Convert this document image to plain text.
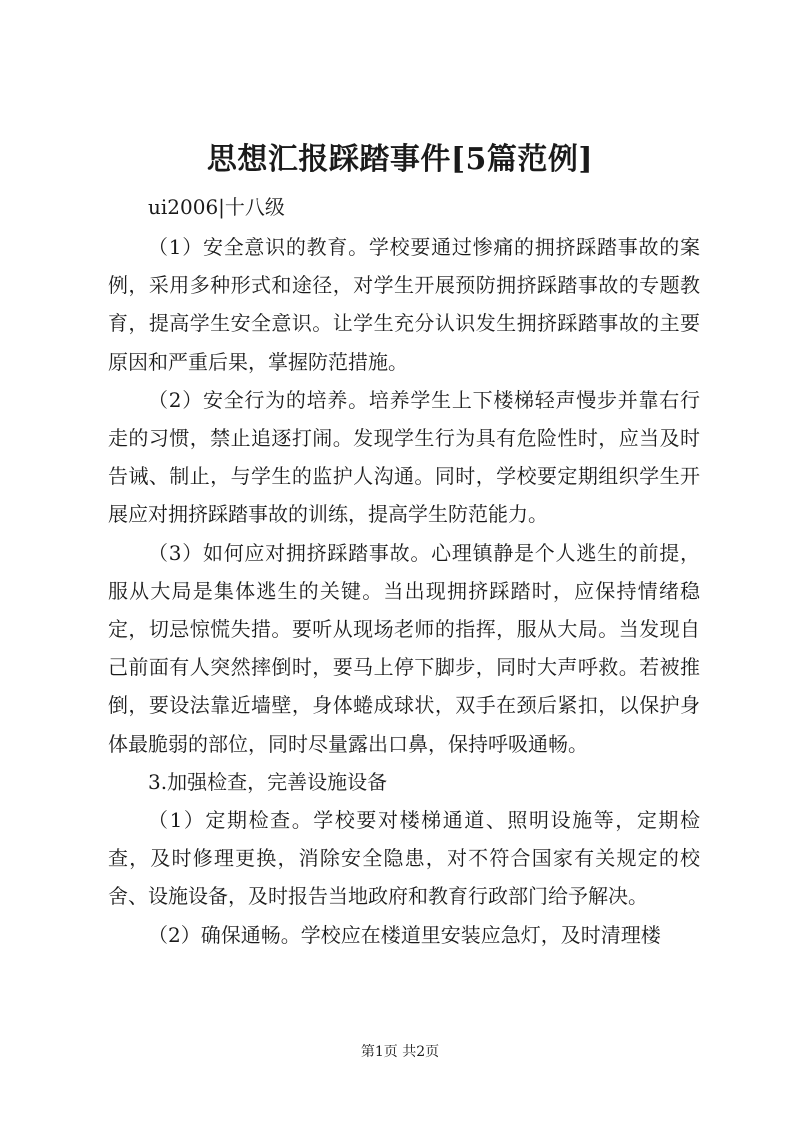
思想汇报踩踏事件[5篇范例]
ui2006|十八级

（1）安全意识的教育。学校要通过惨痛的拥挤踩踏事故的案例，采用多种形式和途径，对学生开展预防拥挤踩踏事故的专题教育，提高学生安全意识。让学生充分认识发生拥挤踩踏事故的主要原因和严重后果，掌握防范措施。

（2）安全行为的培养。培养学生上下楼梯轻声慢步并靠右行走的习惯，禁止追逐打闹。发现学生行为具有危险性时，应当及时告诫、制止，与学生的监护人沟通。同时，学校要定期组织学生开展应对拥挤踩踏事故的训练，提高学生防范能力。

（3）如何应对拥挤踩踏事故。心理镇静是个人逃生的前提，服从大局是集体逃生的关键。当出现拥挤踩踏时，应保持情绪稳定，切忌惊慌失措。要听从现场老师的指挥，服从大局。当发现自己前面有人突然摔倒时，要马上停下脚步，同时大声呼救。若被推倒，要设法靠近墙壁，身体蜷成球状，双手在颈后紧扣，以保护身体最脆弱的部位，同时尽量露出口鼻，保持呼吸通畅。

3.加强检查，完善设施设备

（1）定期检查。学校要对楼梯通道、照明设施等，定期检查，及时修理更换，消除安全隐患，对不符合国家有关规定的校舍、设施设备，及时报告当地政府和教育行政部门给予解决。

（2）确保通畅。学校应在楼道里安装应急灯，及时清理楼

第1页 共2页
